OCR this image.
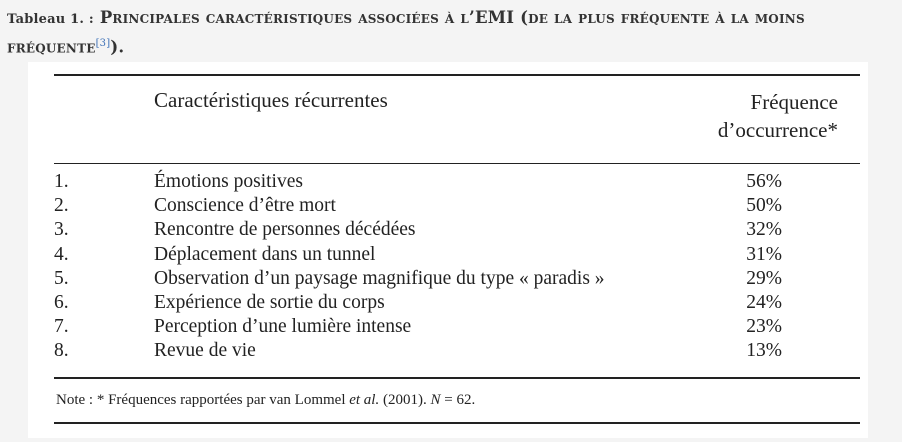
Tableau 1. : Principales caractéristiques associées à l’EMI (de la plus fréquente à la moins fréquente[3]).
Caractéristiques récurrentes	Fréquence
d’occurrence*
1.	Émotions positives	56%
2.	Conscience d’être mort	50%
3.	Rencontre de personnes décédées	32%
4.	Déplacement dans un tunnel	31%
5.	Observation d’un paysage magnifique du type « paradis »	29%
6.	Expérience de sortie du corps	24%
7.	Perception d’une lumière intense	23%
8.	Revue de vie	13%
Note : * Fréquences rapportées par van Lommel et al. (2001). N = 62.
